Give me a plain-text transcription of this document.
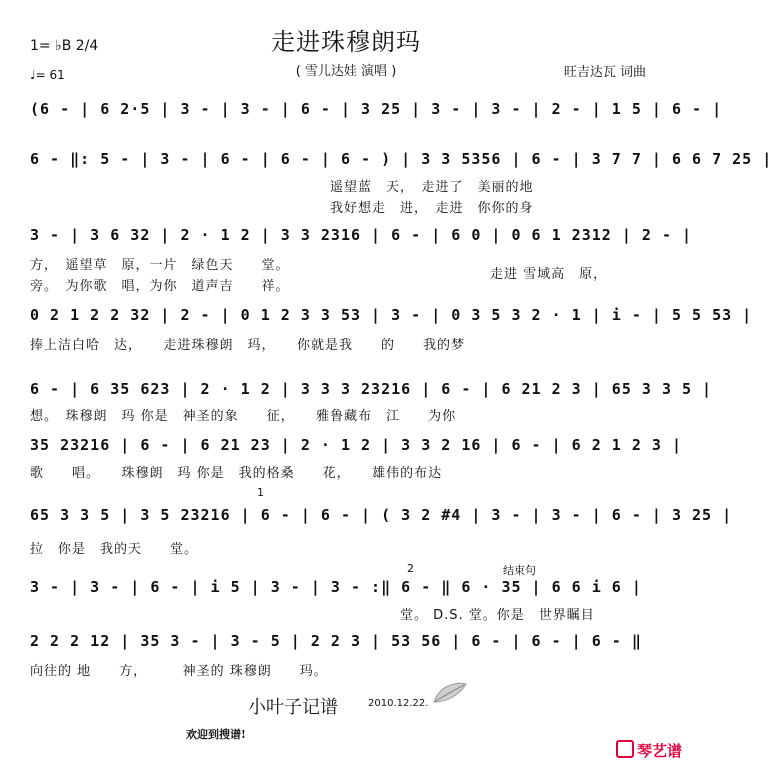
1= ♭B 2/4
♩= 61
走进珠穆朗玛
( 雪儿达娃 演唱 )	旺吉达瓦 词曲
(6 - | 6 2·5 | 3 - | 3 - | 6 - | 3 25 | 3 - | 3 - | 2 - | 1 5 | 6 - |
6 - ‖: 5 - | 3 - | 6 - | 6 - | 6 - ) | 3 3 5356 | 6 - | 3 7 7 | 6 6 7 25 |
遥望蓝　天，　走进了　美丽的地
我好想走　进，　走进　你你的身
3 - | 3 6 32 | 2 · 1 2 | 3 3 2316 | 6 - | 6 0 | 0 6 1 2312 | 2 - |
方，　遥望草　原，一片　绿色天　　堂。
旁。　为你歌　唱，为你　道声吉　　祥。
走进 雪域高　原，
0 2 1 2 2 32 | 2 - | 0 1 2 3 3 53 | 3 - | 0 3 5 3 2 · 1 | i - | 5 5 53 |
捧上洁白哈　达，　　走进珠穆朗　玛，　　你就是我　　的　　我的梦
6 - | 6 35 623 | 2 · 1 2 | 3 3 3 23216 | 6 - | 6 21 2 3 | 65 3 3 5 |
想。　珠穆朗　玛 你是　神圣的象　　征，　　雅鲁藏布　江　　为你
35 23216 | 6 - | 6 21 23 | 2 · 1 2 | 3 3 2 16 | 6 - | 6 2 1 2 3 |
歌　　唱。　　珠穆朗　玛 你是　我的格桑　　花，　　雄伟的布达
1
65 3 3 5 | 3 5 23216 | 6 - | 6 - | ( 3 2 #4 | 3 - | 3 - | 6 - | 3 25 |
拉　你是　我的天　　堂。
2	结束句
3 - | 3 - | 6 - | i 5 | 3 - | 3 - :‖ 6 - ‖ 6 · 35 | 6 6 i 6 |
堂。 D.S. 堂。你是　世界瞩目
2 2 2 12 | 35 3 - | 3 - 5 | 2 2 3 | 53 56 | 6 - | 6 - | 6 - ‖
向往的 地　　方，　　　神圣的 珠穆朗　　玛。
小叶子记谱	2010.12.22.
欢迎到搜谱!
琴艺谱
